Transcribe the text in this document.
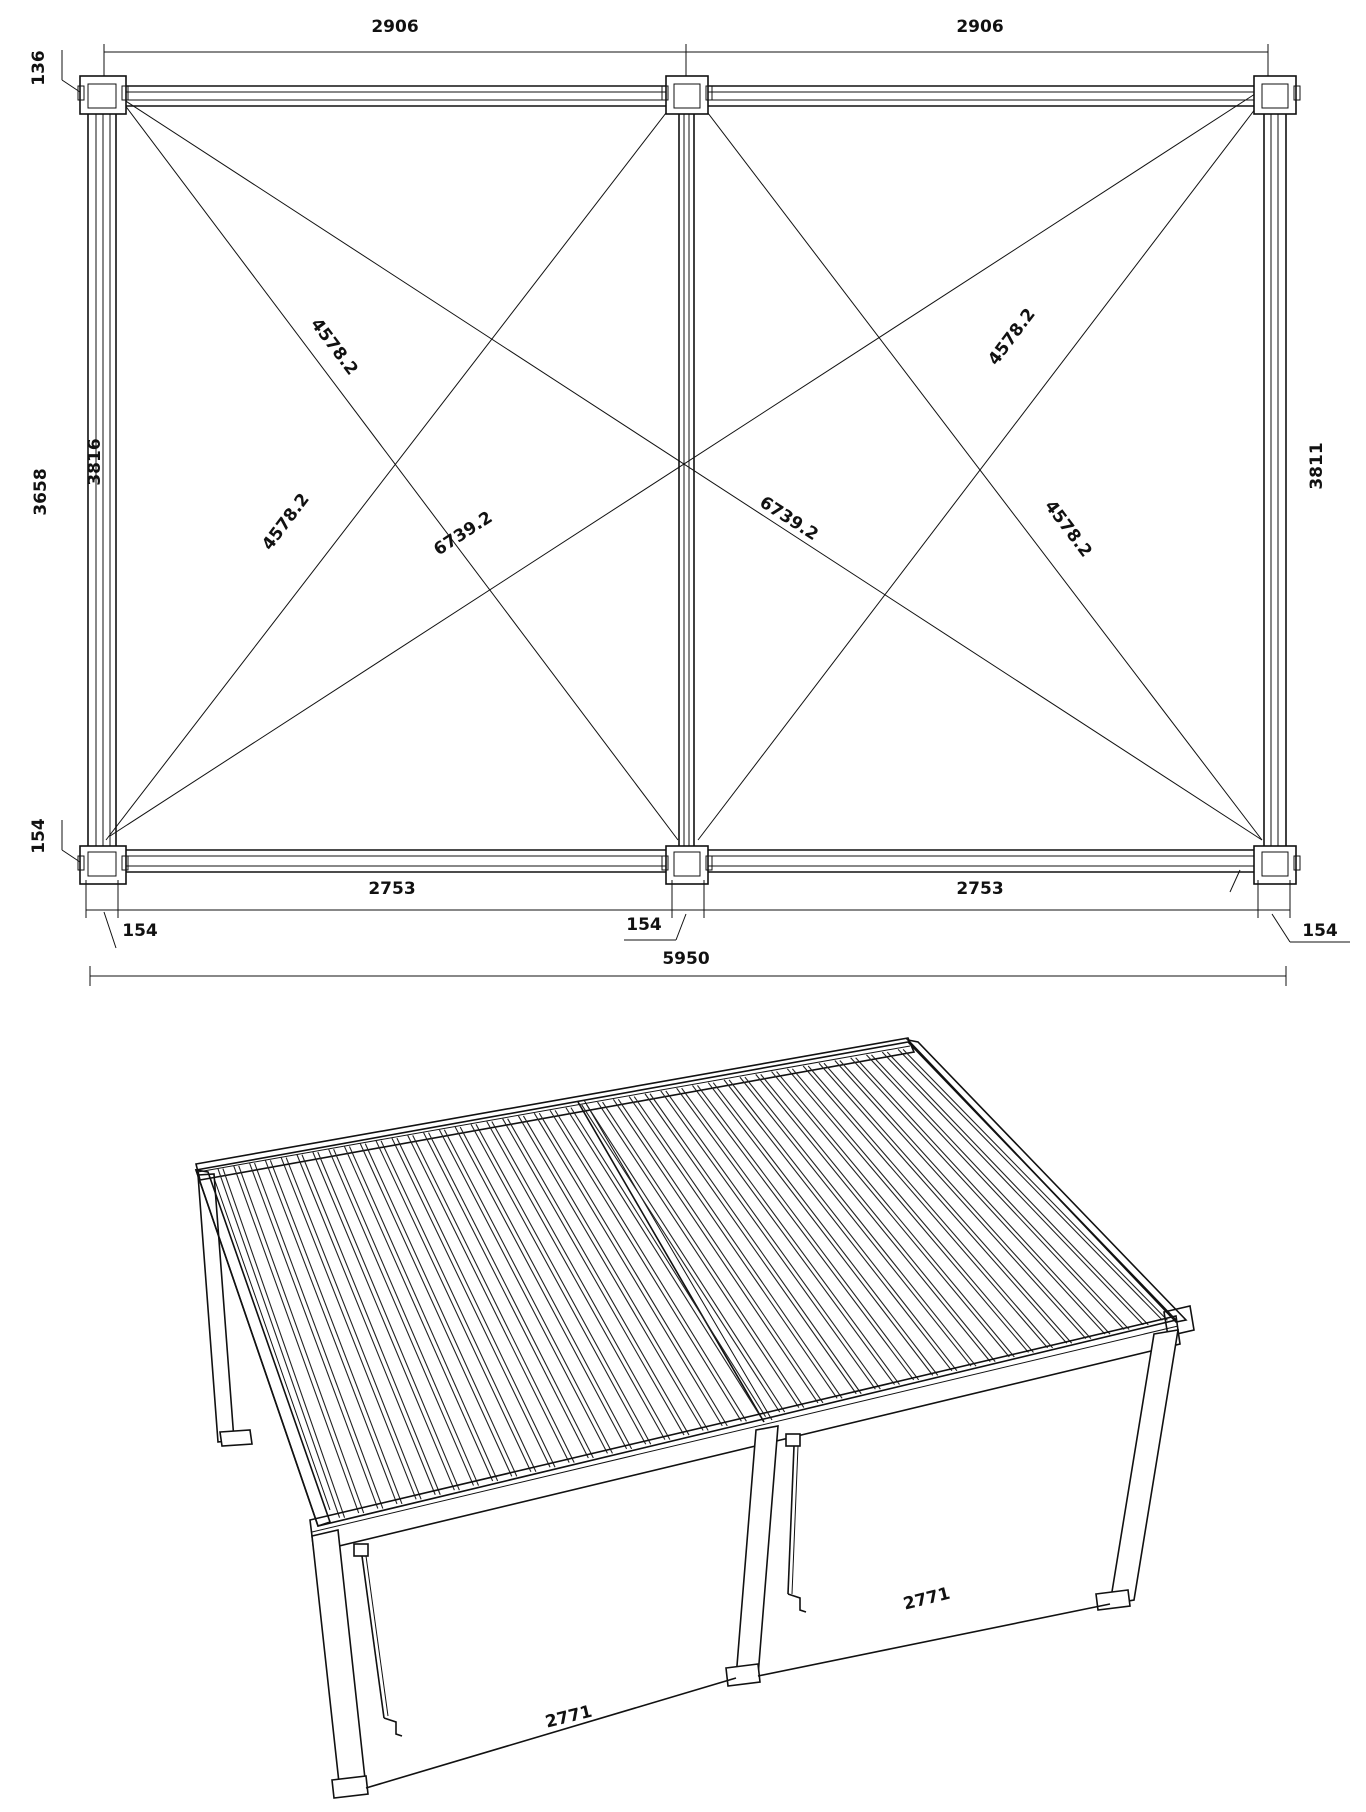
2906	2906
136
154
3658
3816	3811
4578.2
4578.2	6739.2	6739.2
4578.2
4578.2
2753	2753
154	154	154
5950
2771
2771
